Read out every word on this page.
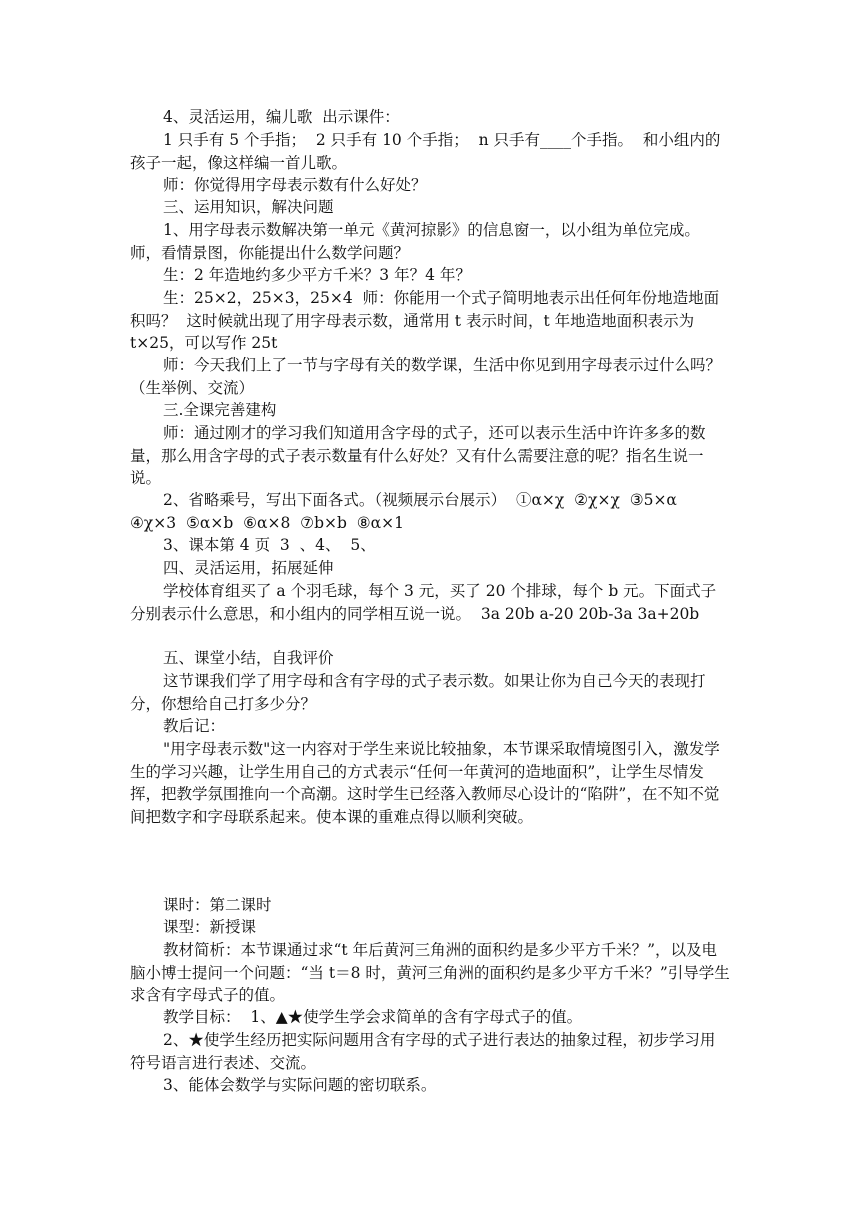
4、灵活运用，编儿歌  出示课件：

1 只手有 5 个手指；  2 只手有 10 个手指；  n 只手有____个手指。  和小组内的孩子一起，像这样编一首儿歌。

师：你觉得用字母表示数有什么好处？

三、运用知识，解决问题

1、用字母表示数解决第一单元《黄河掠影》的信息窗一，以小组为单位完成。  师，看情景图，你能提出什么数学问题？

生：2 年造地约多少平方千米？3 年？4 年？

生：25×2，25×3，25×4  师：你能用一个式子简明地表示出任何年份地造地面积吗？  这时候就出现了用字母表示数，通常用 t 表示时间，t 年地造地面积表示为 t×25，可以写作 25t

师：今天我们上了一节与字母有关的数学课，生活中你见到用字母表示过什么吗？（生举例、交流）

三.全课完善建构

师：通过刚才的学习我们知道用含字母的式子，还可以表示生活中许许多多的数量，那么用含字母的式子表示数量有什么好处？又有什么需要注意的呢？指名生说一说。

2、省略乘号，写出下面各式。（视频展示台展示）  ①α×χ  ②χ×χ  ③5×α  ④χ×3  ⑤α×b  ⑥α×8  ⑦b×b  ⑧α×1

3、课本第 4 页  3  、4、  5、

四、灵活运用，拓展延伸

学校体育组买了 a 个羽毛球，每个 3 元，买了 20 个排球，每个 b 元。下面式子分别表示什么意思，和小组内的同学相互说一说。  3a 20b a-20 20b-3a 3a+20b

五、课堂小结，自我评价

这节课我们学了用字母和含有字母的式子表示数。如果让你为自己今天的表现打分，你想给自己打多少分？

教后记：

"用字母表示数"这一内容对于学生来说比较抽象，本节课采取情境图引入，激发学生的学习兴趣，让学生用自己的方式表示“任何一年黄河的造地面积”，让学生尽情发挥，把教学氛围推向一个高潮。这时学生已经落入教师尽心设计的“陷阱”，在不知不觉间把数字和字母联系起来。使本课的重难点得以顺利突破。

课时：第二课时

课型：新授课

教材简析：本节课通过求“t 年后黄河三角洲的面积约是多少平方千米？”，以及电脑小博士提问一个问题：“当 t＝8 时，黄河三角洲的面积约是多少平方千米？”引导学生求含有字母式子的值。

教学目标：  1、▲★使学生学会求简单的含有字母式子的值。

2、★使学生经历把实际问题用含有字母的式子进行表达的抽象过程，初步学习用符号语言进行表述、交流。

3、能体会数学与实际问题的密切联系。
